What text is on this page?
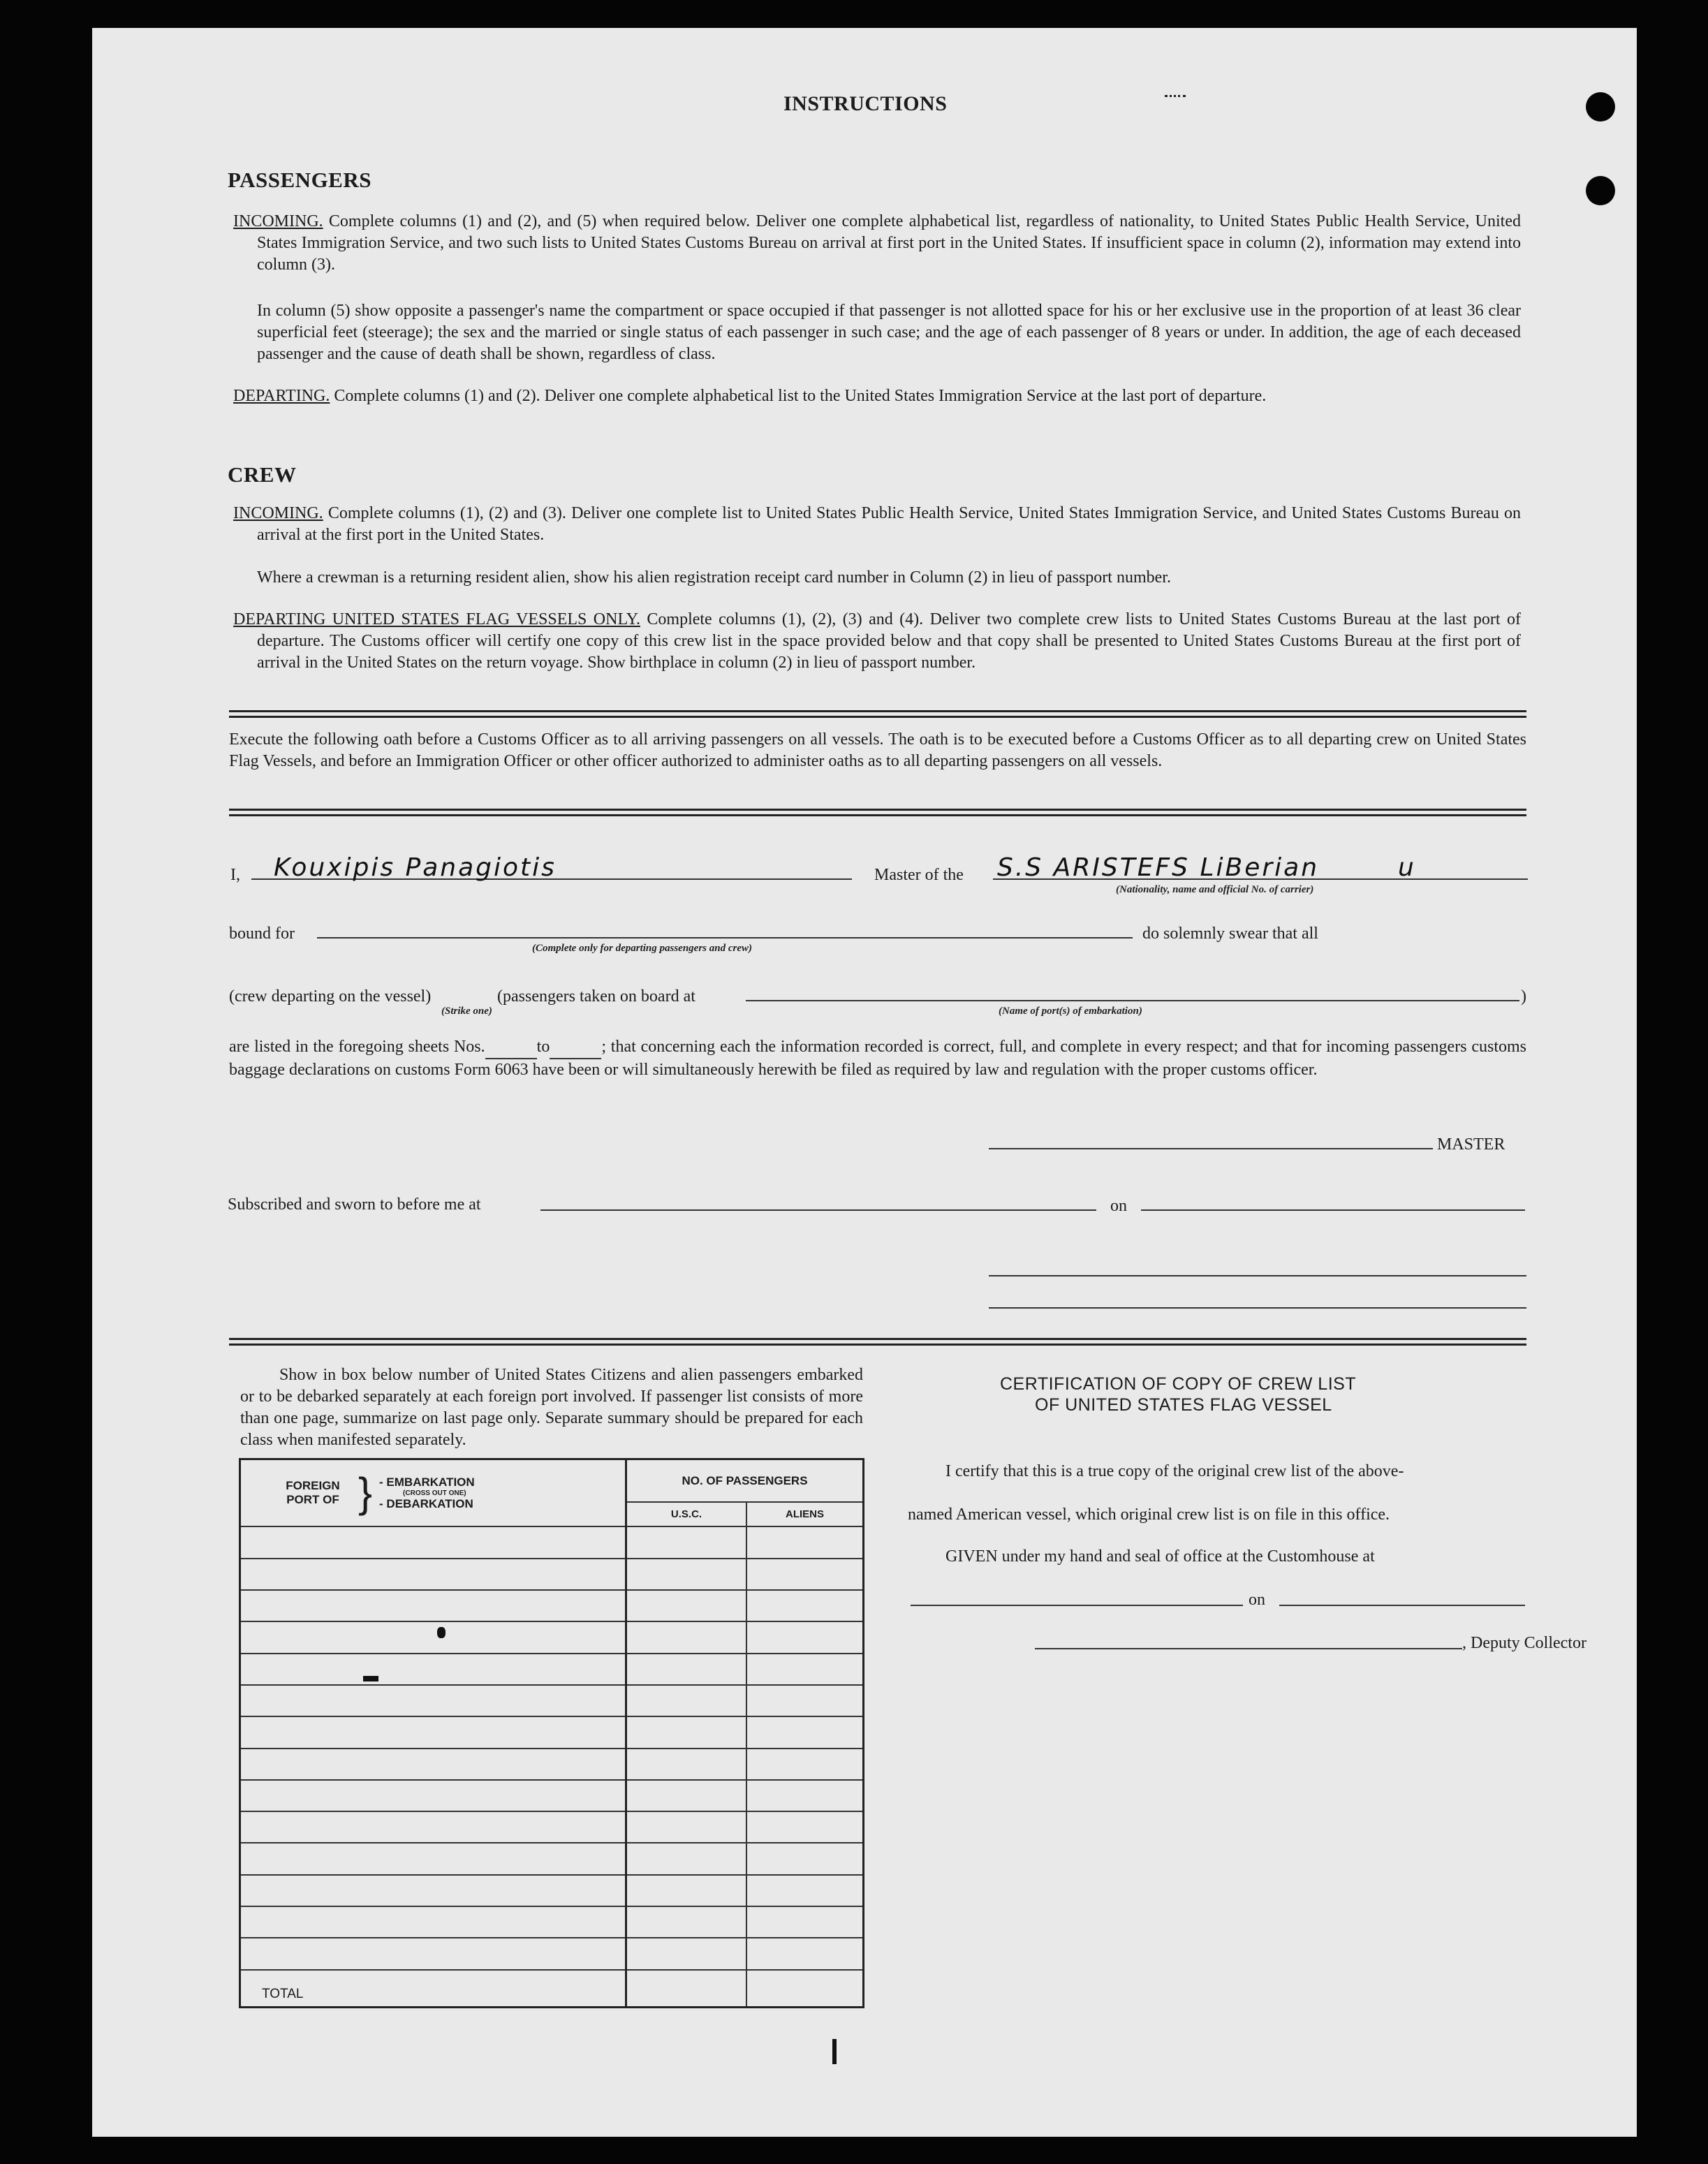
INSTRUCTIONS
PASSENGERS
INCOMING. Complete columns (1) and (2), and (5) when required below. Deliver one complete alphabetical list, regardless of nationality, to United States Public Health Service, United States Immigration Service, and two such lists to United States Customs Bureau on arrival at first port in the United States. If insufficient space in column (2), information may extend into column (3).
In column (5) show opposite a passenger's name the compartment or space occupied if that passenger is not allotted space for his or her exclusive use in the proportion of at least 36 clear superficial feet (steerage); the sex and the married or single status of each passenger in such case; and the age of each passenger of 8 years or under. In addition, the age of each deceased passenger and the cause of death shall be shown, regardless of class.
DEPARTING. Complete columns (1) and (2). Deliver one complete alphabetical list to the United States Immigration Service at the last port of departure.
CREW
INCOMING. Complete columns (1), (2) and (3). Deliver one complete list to United States Public Health Service, United States Immigration Service, and United States Customs Bureau on arrival at the first port in the United States.
Where a crewman is a returning resident alien, show his alien registration receipt card number in Column (2) in lieu of passport number.
DEPARTING UNITED STATES FLAG VESSELS ONLY. Complete columns (1), (2), (3) and (4). Deliver two complete crew lists to United States Customs Bureau at the last port of departure. The Customs officer will certify one copy of this crew list in the space provided below and that copy shall be presented to United States Customs Bureau at the first port of arrival in the United States on the return voyage. Show birthplace in column (2) in lieu of passport number.
Execute the following oath before a Customs Officer as to all arriving passengers on all vessels. The oath is to be executed before a Customs Officer as to all departing crew on United States Flag Vessels, and before an Immigration Officer or other officer authorized to administer oaths as to all departing passengers on all vessels.
I, Kouxipis Panagiotis	Master of the S.S ARISTEFS LiBerian	u
(Nationality, name and official No. of carrier)
bound for
(Complete only for departing passengers and crew)
do solemnly swear that all
(crew departing on the vessel)	(passengers taken on board at	)
(Strike one)	(Name of port(s) of embarkation)
are listed in the foregoing sheets Nos.	to	; that concerning each the information recorded is correct, full, and complete in every respect; and that for incoming passengers customs baggage declarations on customs Form 6063 have been or will simultaneously herewith be filed as required by law and regulation with the proper customs officer.
MASTER
Subscribed and sworn to before me at	on
Show in box below number of United States Citizens and alien passengers embarked or to be debarked separately at each foreign port involved. If passenger list consists of more than one page, summarize on last page only. Separate summary should be prepared for each class when manifested separately.
FOREIGN PORT OF } - EMBARKATION
(CROSS OUT ONE)
- DEBARKATION	NO. OF PASSENGERS	
	U.S.C.	ALIENS

TOTAL		
CERTIFICATION OF COPY OF CREW LIST
OF UNITED STATES FLAG VESSEL
I certify that this is a true copy of the original crew list of the above-
named American vessel, which original crew list is on file in this office.
GIVEN under my hand and seal of office at the Customhouse at
on
, Deputy Collector
